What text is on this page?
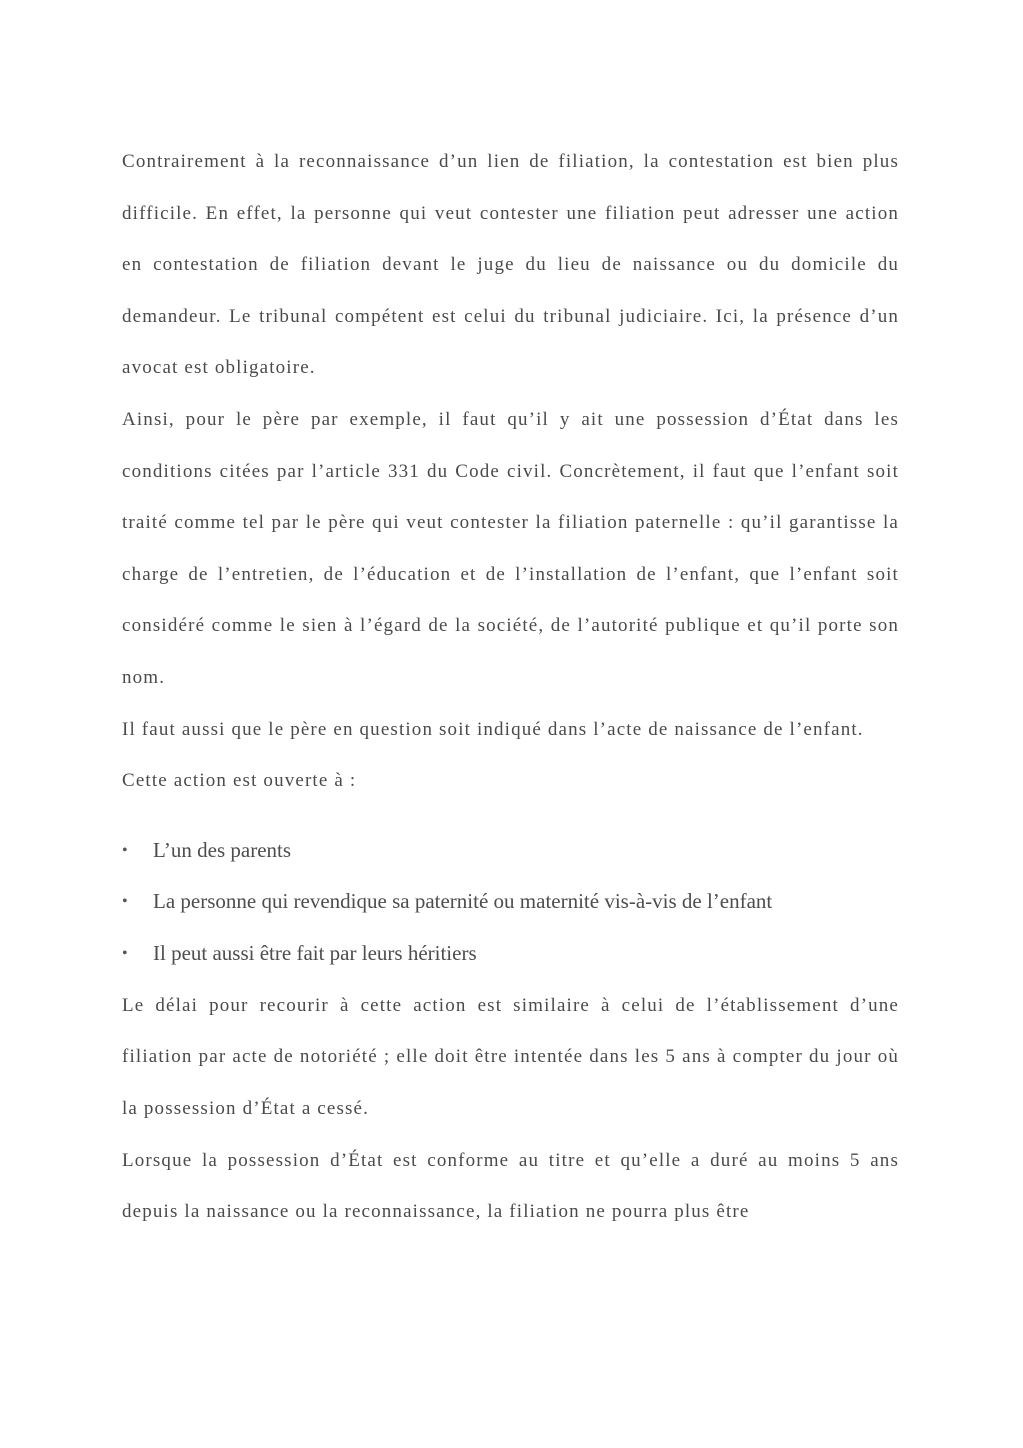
Contrairement à la reconnaissance d’un lien de filiation, la contestation est bien plus difficile. En effet, la personne qui veut contester une filiation peut adresser une action en contestation de filiation devant le juge du lieu de naissance ou du domicile du demandeur. Le tribunal compétent est celui du tribunal judiciaire. Ici, la présence d’un avocat est obligatoire.

Ainsi, pour le père par exemple, il faut qu’il y ait une possession d’État dans les conditions citées par l’article 331 du Code civil. Concrètement, il faut que l’enfant soit traité comme tel par le père qui veut contester la filiation paternelle : qu’il garantisse la charge de l’entretien, de l’éducation et de l’installation de l’enfant, que l’enfant soit considéré comme le sien à l’égard de la société, de l’autorité publique et qu’il porte son nom.

Il faut aussi que le père en question soit indiqué dans l’acte de naissance de l’enfant.

Cette action est ouverte à :

• L’un des parents
• La personne qui revendique sa paternité ou maternité vis-à-vis de l’enfant
• Il peut aussi être fait par leurs héritiers

Le délai pour recourir à cette action est similaire à celui de l’établissement d’une filiation par acte de notoriété ; elle doit être intentée dans les 5 ans à compter du jour où la possession d’État a cessé.

Lorsque la possession d’État est conforme au titre et qu’elle a duré au moins 5 ans depuis la naissance ou la reconnaissance, la filiation ne pourra plus être
